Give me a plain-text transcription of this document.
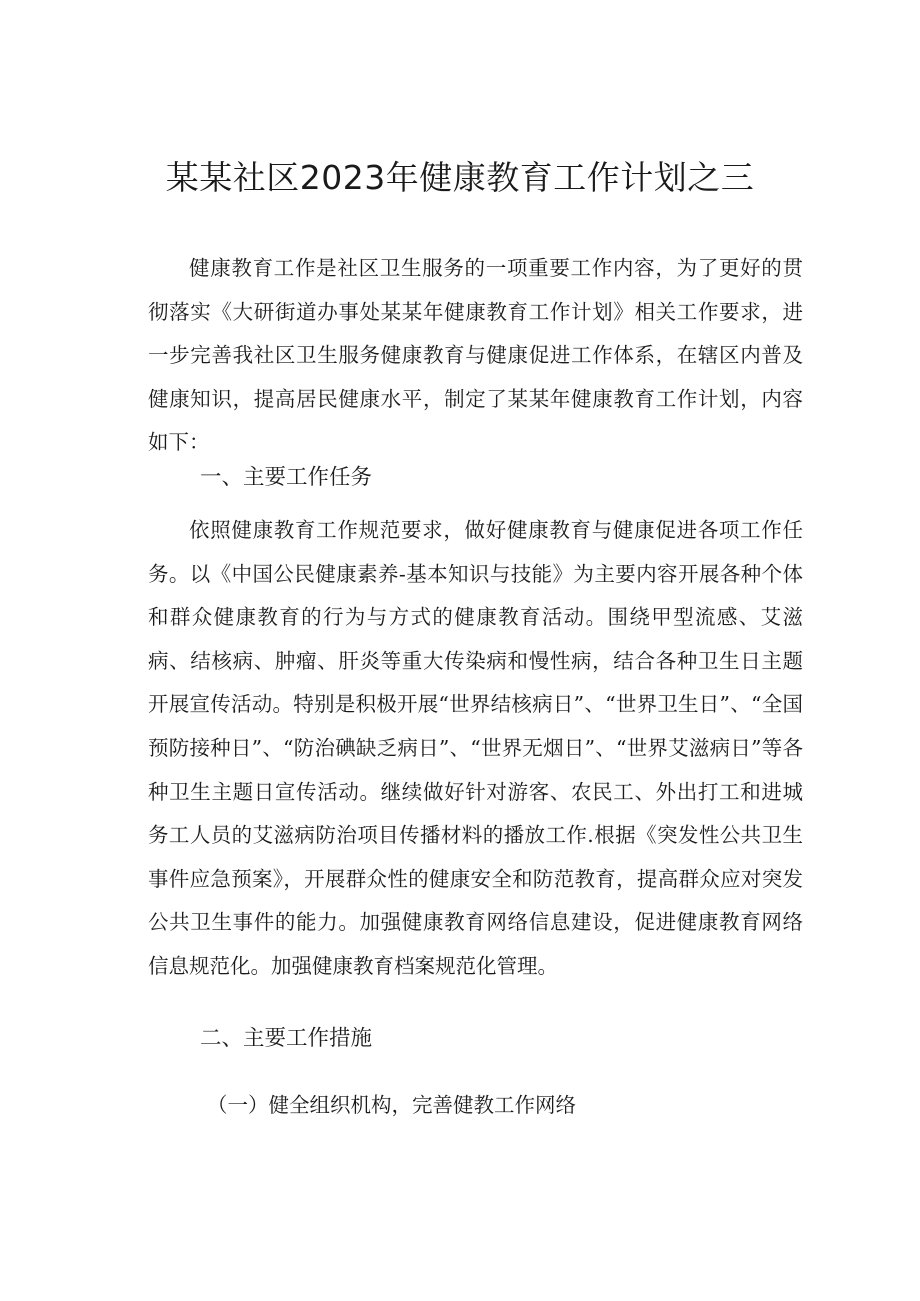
某某社区2023年健康教育工作计划之三

健康教育工作是社区卫生服务的一项重要工作内容，为了更好的贯彻落实《大研街道办事处某某年健康教育工作计划》相关工作要求，进一步完善我社区卫生服务健康教育与健康促进工作体系，在辖区内普及健康知识，提高居民健康水平，制定了某某年健康教育工作计划，内容如下：

一、主要工作任务

依照健康教育工作规范要求，做好健康教育与健康促进各项工作任务。以《中国公民健康素养-基本知识与技能》为主要内容开展各种个体和群众健康教育的行为与方式的健康教育活动。围绕甲型流感、艾滋病、结核病、肿瘤、肝炎等重大传染病和慢性病，结合各种卫生日主题开展宣传活动。特别是积极开展“世界结核病日”、“世界卫生日”、“全国预防接种日”、“防治碘缺乏病日”、“世界无烟日”、“世界艾滋病日”等各种卫生主题日宣传活动。继续做好针对游客、农民工、外出打工和进城务工人员的艾滋病防治项目传播材料的播放工作.根据《突发性公共卫生事件应急预案》，开展群众性的健康安全和防范教育，提高群众应对突发公共卫生事件的能力。加强健康教育网络信息建设，促进健康教育网络信息规范化。加强健康教育档案规范化管理。

二、主要工作措施

（一）健全组织机构，完善健教工作网络
